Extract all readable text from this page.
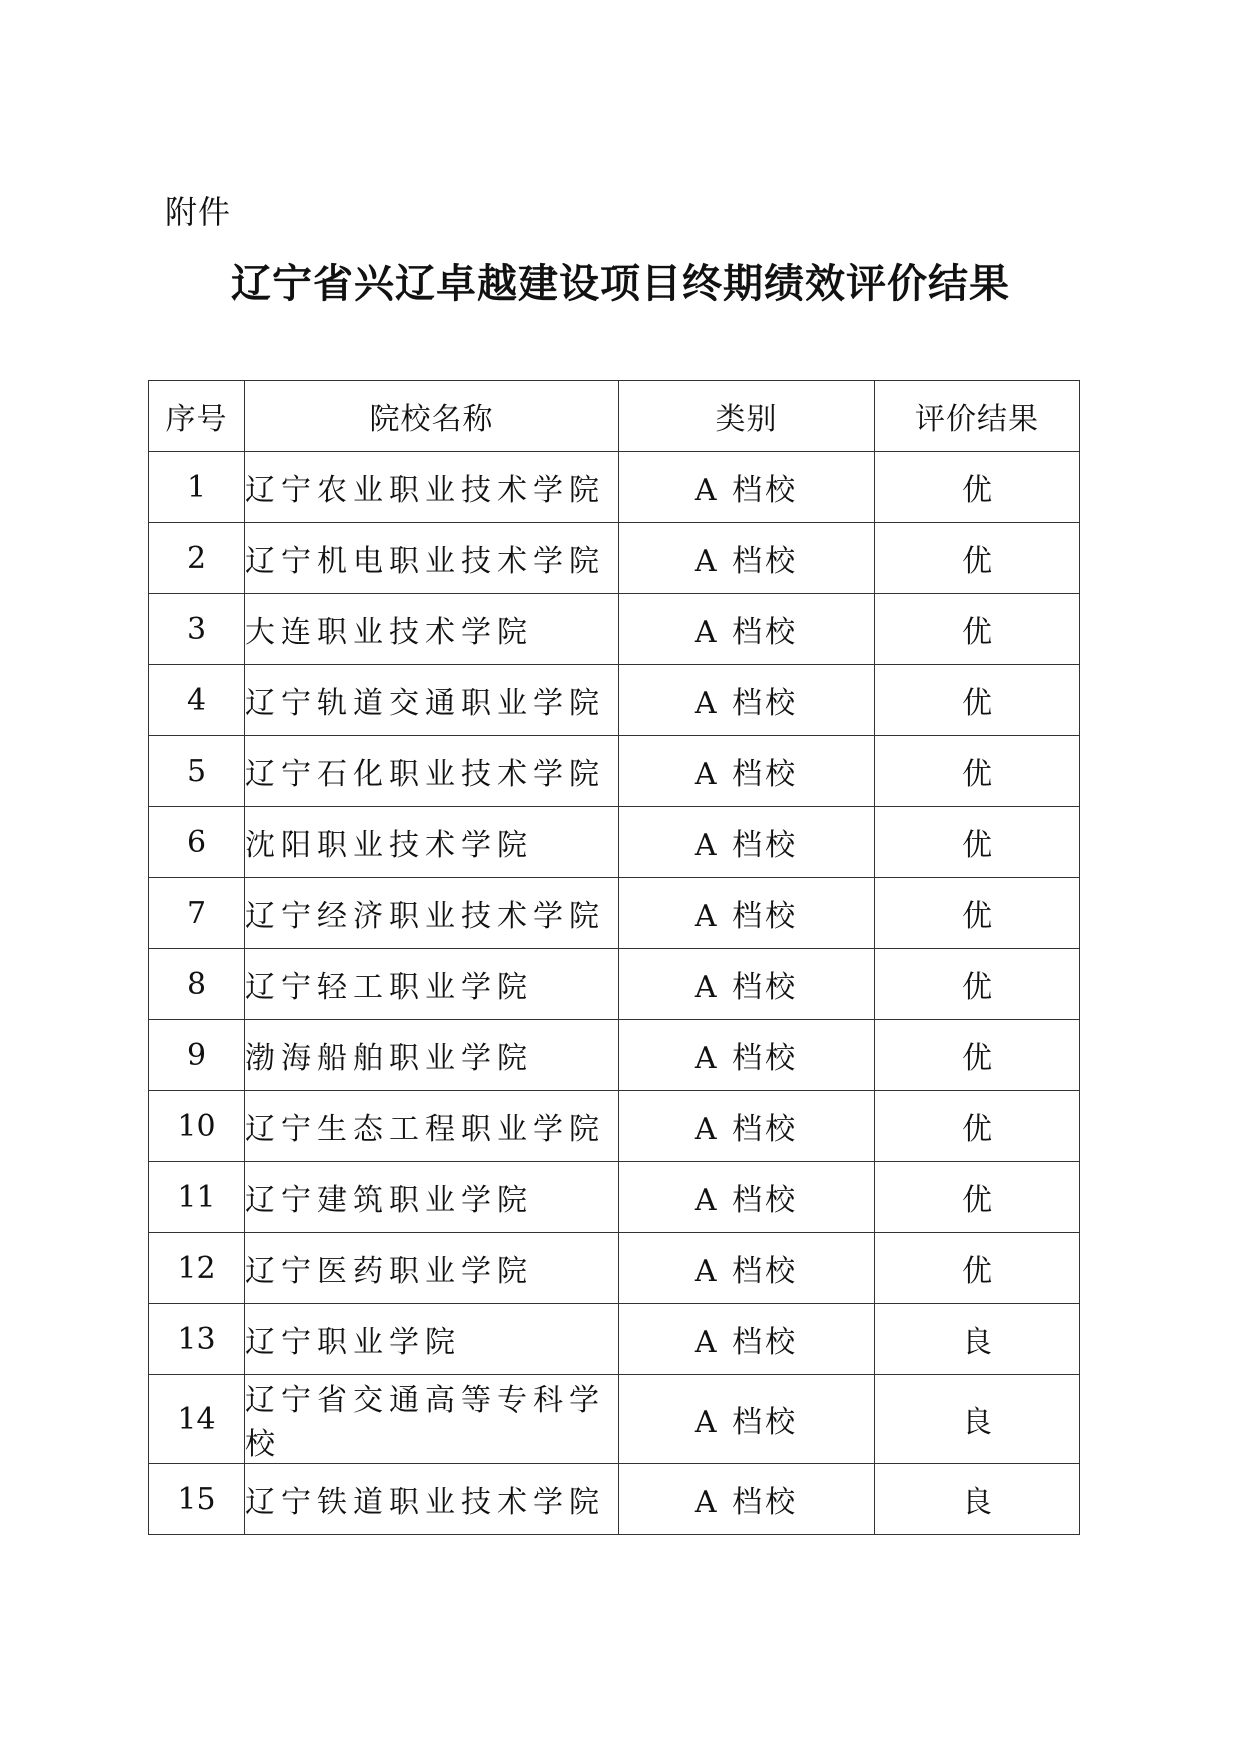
附件
辽宁省兴辽卓越建设项目终期绩效评价结果
序号	院校名称	类别	评价结果
1	辽宁农业职业技术学院	A 档校	优
2	辽宁机电职业技术学院	A 档校	优
3	大连职业技术学院	A 档校	优
4	辽宁轨道交通职业学院	A 档校	优
5	辽宁石化职业技术学院	A 档校	优
6	沈阳职业技术学院	A 档校	优
7	辽宁经济职业技术学院	A 档校	优
8	辽宁轻工职业学院	A 档校	优
9	渤海船舶职业学院	A 档校	优
10	辽宁生态工程职业学院	A 档校	优
11	辽宁建筑职业学院	A 档校	优
12	辽宁医药职业学院	A 档校	优
13	辽宁职业学院	A 档校	良
14	辽宁省交通高等专科学校	A 档校	良
15	辽宁铁道职业技术学院	A 档校	良
